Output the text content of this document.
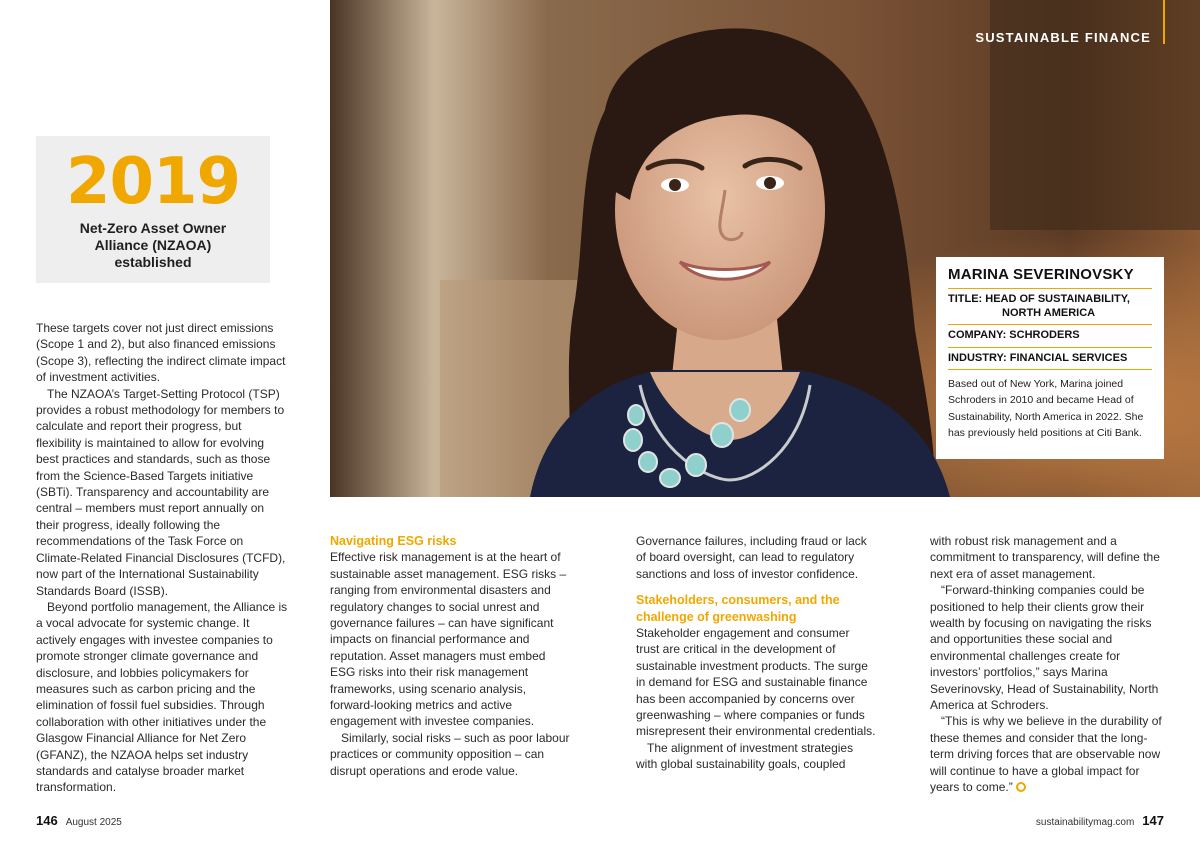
2019
Net-Zero Asset Owner Alliance (NZAOA) established

These targets cover not just direct emissions (Scope 1 and 2), but also financed emissions (Scope 3), reflecting the indirect climate impact of investment activities.

The NZAOA’s Target-Setting Protocol (TSP) provides a robust methodology for members to calculate and report their progress, but flexibility is maintained to allow for evolving best practices and standards, such as those from the Science-Based Targets initiative (SBTi). Transparency and accountability are central – members must report annually on their progress, ideally following the recommendations of the Task Force on Climate-Related Financial Disclosures (TCFD), now part of the International Sustainability Standards Board (ISSB).

Beyond portfolio management, the Alliance is a vocal advocate for systemic change. It actively engages with investee companies to promote stronger climate governance and disclosure, and lobbies policymakers for measures such as carbon pricing and the elimination of fossil fuel subsidies. Through collaboration with other initiatives under the Glasgow Financial Alliance for Net Zero (GFANZ), the NZAOA helps set industry standards and catalyse broader market transformation.

SUSTAINABLE FINANCE
MARINA SEVERINOVSKY
TITLE: HEAD OF SUSTAINABILITY,
NORTH AMERICA
COMPANY: SCHRODERS
INDUSTRY: FINANCIAL SERVICES

Based out of New York, Marina joined Schroders in 2010 and became Head of Sustainability, North America in 2022. She has previously held positions at Citi Bank.

Navigating ESG risks

Effective risk management is at the heart of sustainable asset management. ESG risks – ranging from environmental disasters and regulatory changes to social unrest and governance failures – can have significant impacts on financial performance and reputation. Asset managers must embed ESG risks into their risk management frameworks, using scenario analysis, forward-looking metrics and active engagement with investee companies.

Similarly, social risks – such as poor labour practices or community opposition – can disrupt operations and erode value.

Governance failures, including fraud or lack of board oversight, can lead to regulatory sanctions and loss of investor confidence.

Stakeholders, consumers, and the challenge of greenwashing

Stakeholder engagement and consumer trust are critical in the development of sustainable investment products. The surge in demand for ESG and sustainable finance has been accompanied by concerns over greenwashing – where companies or funds misrepresent their environmental credentials.

The alignment of investment strategies with global sustainability goals, coupled

with robust risk management and a commitment to transparency, will define the next era of asset management.

“Forward-thinking companies could be positioned to help their clients grow their wealth by focusing on navigating the risks and opportunities these social and environmental challenges create for investors’ portfolios,” says Marina Severinovsky, Head of Sustainability, North America at Schroders.

“This is why we believe in the durability of these themes and consider that the long-term driving forces that are observable now will continue to have a global impact for years to come.”

146 August 2025	sustainabilitymag.com 147
